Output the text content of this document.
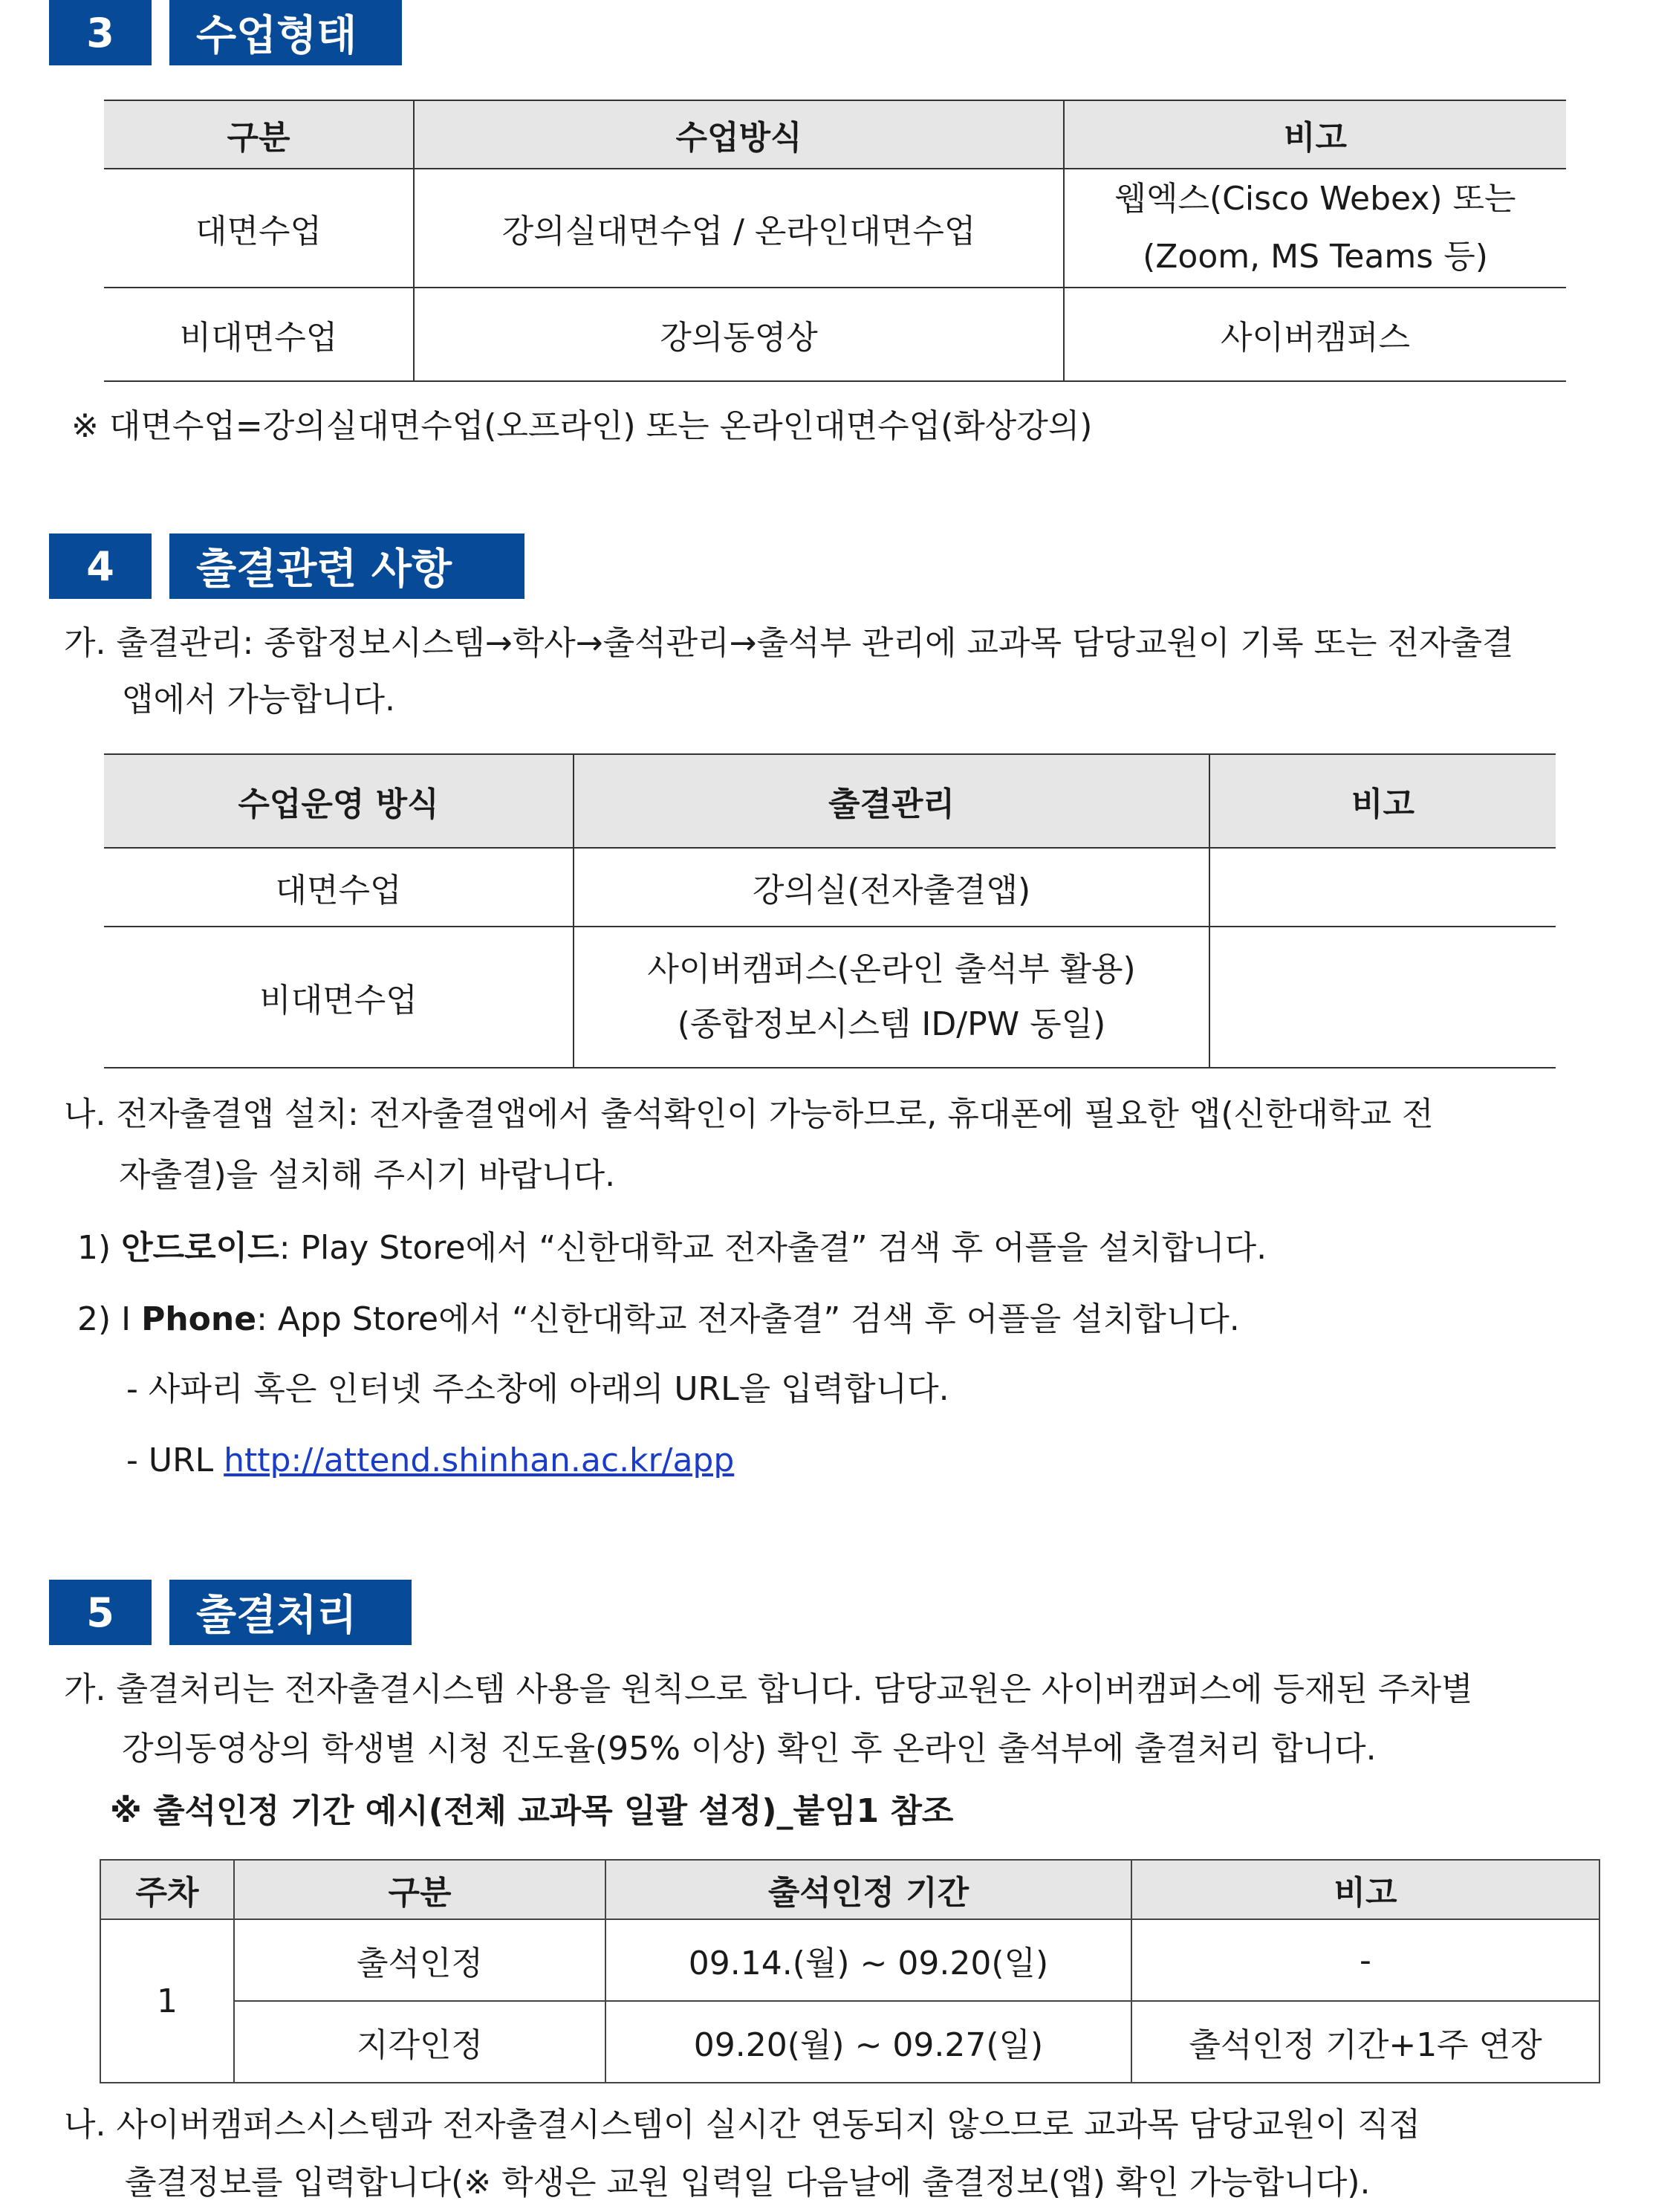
3	수업형태
구분	수업방식	비고
대면수업	강의실대면수업 / 온라인대면수업	웹엑스(Cisco Webex) 또는
(Zoom, MS Teams 등)

비대면수업	강의동영상	사이버캠퍼스
※ 대면수업=강의실대면수업(오프라인) 또는 온라인대면수업(화상강의)
4	출결관련 사항
가. 출결관리: 종합정보시스템→학사→출석관리→출석부 관리에 교과목 담당교원이 기록 또는 전자출결
앱에서 가능합니다.
수업운영 방식	출결관리	비고
대면수업	강의실(전자출결앱)	
비대면수업	사이버캠퍼스(온라인 출석부 활용)
(종합정보시스템 ID/PW 동일)	

나. 전자출결앱 설치: 전자출결앱에서 출석확인이 가능하므로, 휴대폰에 필요한 앱(신한대학교 전
자출결)을 설치해 주시기 바랍니다.
1) 안드로이드: Play Store에서 “신한대학교 전자출결” 검색 후 어플을 설치합니다.
2) I Phone: App Store에서 “신한대학교 전자출결” 검색 후 어플을 설치합니다.
- 사파리 혹은 인터넷 주소창에 아래의 URL을 입력합니다.
- URL http://attend.shinhan.ac.kr/app
5	출결처리
가. 출결처리는 전자출결시스템 사용을 원칙으로 합니다. 담당교원은 사이버캠퍼스에 등재된 주차별
강의동영상의 학생별 시청 진도율(95% 이상) 확인 후 온라인 출석부에 출결처리 합니다.
※ 출석인정 기간 예시(전체 교과목 일괄 설정)_붙임1 참조
주차	구분	출석인정 기간	비고
1	출석인정	09.14.(월) ~ 09.20(일)	-
	지각인정	09.20(월) ~ 09.27(일)	출석인정 기간+1주 연장
나. 사이버캠퍼스시스템과 전자출결시스템이 실시간 연동되지 않으므로 교과목 담당교원이 직접
출결정보를 입력합니다(※ 학생은 교원 입력일 다음날에 출결정보(앱) 확인 가능합니다).
